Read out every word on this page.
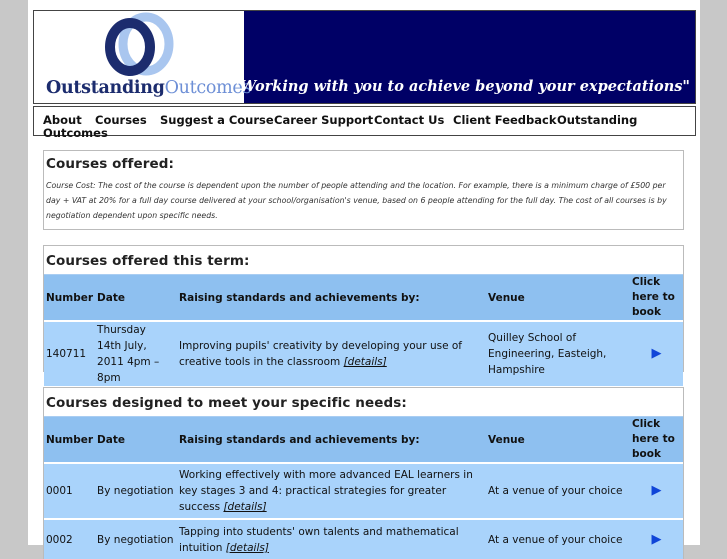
OutstandingOutcomes
"Working with you to achieve beyond your expectations"
About Outcomes
Courses Suggest a Course Career Support Contact Us Client Feedback Outstanding
Courses offered:
Course Cost: The cost of the course is dependent upon the number of people attending and the location. For example, there is a minimum charge of £500 per day + VAT at 20% for a full day course delivered at your school/organisation's venue, based on 6 people attending for the full day. The cost of all courses is by negotiation dependent upon specific needs.
Courses offered this term:
Number	Date	Raising standards and achievements by:	Venue	Click here to book
140711	Thursday 14th July, 2011 4pm – 8pm	Improving pupils' creativity by developing your use of creative tools in the classroom [details]	Quilley School of Engineering, Easteigh, Hampshire	▶
Courses designed to meet your specific needs:
Number	Date	Raising standards and achievements by:	Venue	Click here to book
0001	By negotiation	Working effectively with more advanced EAL learners in key stages 3 and 4: practical strategies for greater success [details]	At a venue of your choice	▶
0002	By negotiation	Tapping into students' own talents and mathematical intuition [details]	At a venue of your choice	▶
